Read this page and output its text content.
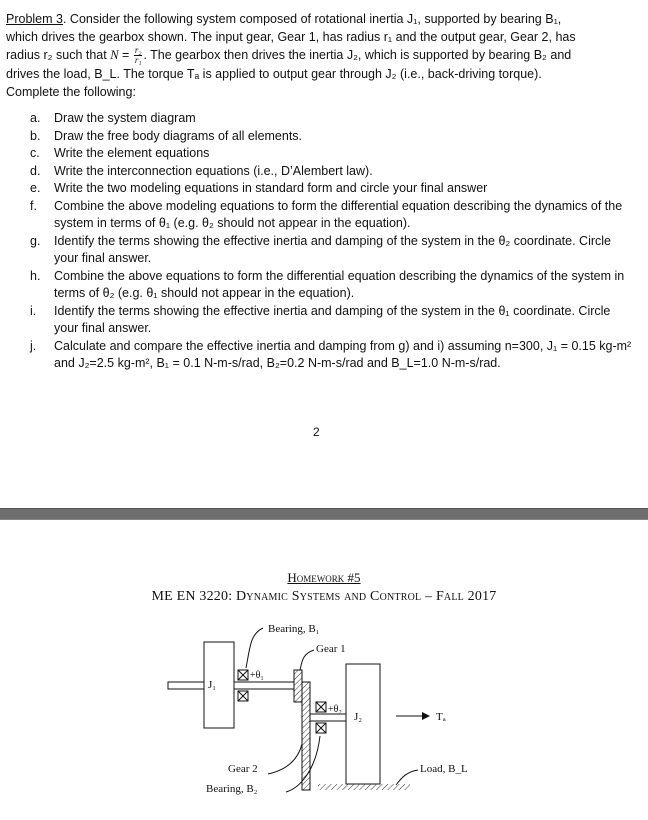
Problem 3. Consider the following system composed of rotational inertia J₁, supported by bearing B₁,

which drives the gearbox shown. The input gear, Gear 1, has radius r₁ and the output gear, Gear 2, has

radius r₂ such that $N = \frac{\text{r₂}}{\text{r₁}}$ . The gearbox then drives the inertia J₂, which is supported by bearing B₂ and

drives the load, B_L. The torque Tₐ is applied to output gear through J₂ (i.e., back-driving torque).

Complete the following:

a. Draw the system diagram
b. Draw the free body diagrams of all elements.
c. Write the element equations
d. Write the interconnection equations (i.e., D’Alembert law).
e. Write the two modeling equations in standard form and circle your final answer
f. Combine the above modeling equations to form the differential equation describing the dynamics of the system in terms of θ₁ (e.g. θ₂ should not appear in the equation).
g. Identify the terms showing the effective inertia and damping of the system in the θ₂ coordinate. Circle your final answer.
h. Combine the above equations to form the differential equation describing the dynamics of the system in terms of θ₂ (e.g. θ₁ should not appear in the equation).
i. Identify the terms showing the effective inertia and damping of the system in the θ₁ coordinate. Circle your final answer.
j. Calculate and compare the effective inertia and damping from g) and i) assuming n=300, J₁ = 0.15 kg-m² and J₂=2.5 kg-m², B₁ = 0.1 N-m-s/rad, B₂=0.2 N-m-s/rad and B_L=1.0 N-m-s/rad.
2
Homework #5
ME EN 3220: Dynamic Systems and Control – Fall 2017
J₁
+θ₁
+θ₂
J₂	Tₐ
Bearing, B₁
Gear 1
Gear 2
Bearing, B₂
Load, B_L
